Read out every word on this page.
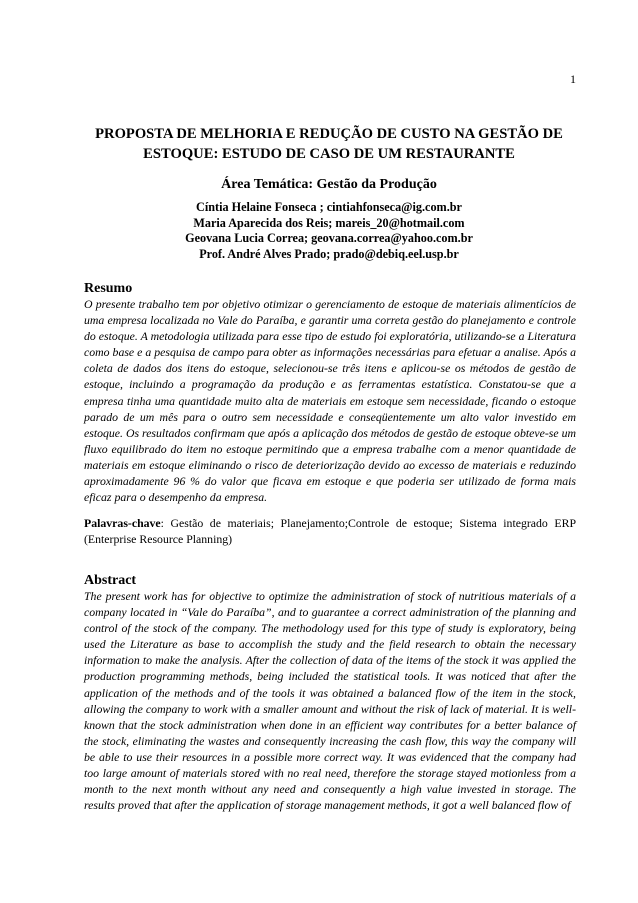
1
PROPOSTA DE MELHORIA E REDUÇÃO DE CUSTO NA GESTÃO DE ESTOQUE: ESTUDO DE CASO DE UM RESTAURANTE
Área Temática: Gestão da Produção
Cíntia Helaine Fonseca ; cintiahfonseca@ig.com.br
Maria Aparecida dos Reis; mareis_20@hotmail.com
Geovana Lucia Correa; geovana.correa@yahoo.com.br
Prof. André Alves Prado; prado@debiq.eel.usp.br
Resumo

O presente trabalho tem por objetivo otimizar o gerenciamento de estoque de materiais alimentícios de uma empresa localizada no Vale do Paraíba, e garantir uma correta gestão do planejamento e controle do estoque. A metodologia utilizada para esse tipo de estudo foi exploratória, utilizando-se a Literatura como base e a pesquisa de campo para obter as informações necessárias para efetuar a analise. Após a coleta de dados dos itens do estoque, selecionou-se três itens e aplicou-se os métodos de gestão de estoque, incluindo a programação da produção e as ferramentas estatística. Constatou-se que a empresa tinha uma quantidade muito alta de materiais em estoque sem necessidade, ficando o estoque parado de um mês para o outro sem necessidade e conseqüentemente um alto valor investido em estoque. Os resultados confirmam que após a aplicação dos métodos de gestão de estoque obteve-se um fluxo equilibrado do item no estoque permitindo que a empresa trabalhe com a menor quantidade de materiais em estoque eliminando o risco de deteriorização devido ao excesso de materiais e reduzindo aproximadamente 96 % do valor que ficava em estoque e que poderia ser utilizado de forma mais eficaz para o desempenho da empresa.

Palavras-chave: Gestão de materiais; Planejamento;Controle de estoque; Sistema integrado ERP (Enterprise Resource Planning)

Abstract

The present work has for objective to optimize the administration of stock of nutritious materials of a company located in “Vale do Paraíba”, and to guarantee a correct administration of the planning and control of the stock of the company. The methodology used for this type of study is exploratory, being used the Literature as base to accomplish the study and the field research to obtain the necessary information to make the analysis. After the collection of data of the items of the stock it was applied the production programming methods, being included the statistical tools. It was noticed that after the application of the methods and of the tools it was obtained a balanced flow of the item in the stock, allowing the company to work with a smaller amount and without the risk of lack of material. It is well-known that the stock administration when done in an efficient way contributes for a better balance of the stock, eliminating the wastes and consequently increasing the cash flow, this way the company will be able to use their resources in a possible more correct way. It was evidenced that the company had too large amount of materials stored with no real need, therefore the storage stayed motionless from a month to the next month without any need and consequently a high value invested in storage. The results proved that after the application of storage management methods, it got a well balanced flow of
